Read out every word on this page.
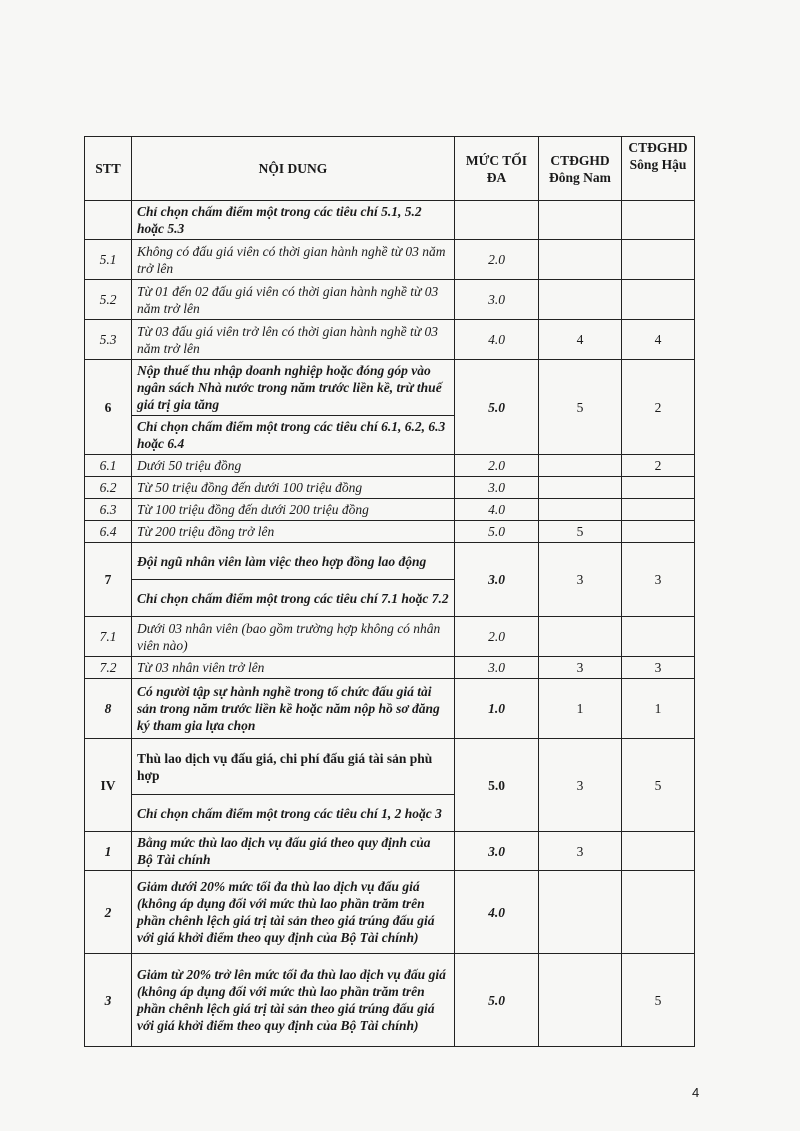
STT	NỘI DUNG	MỨC TỐI ĐA	CTĐGHD Đông Nam	CTĐGHD Sông Hậu
	Chỉ chọn chấm điểm một trong các tiêu chí 5.1, 5.2 hoặc 5.3			
5.1	Không có đấu giá viên có thời gian hành nghề từ 03 năm trở lên	2.0		
5.2	Từ 01 đến 02 đấu giá viên có thời gian hành nghề từ 03 năm trở lên	3.0		
5.3	Từ 03 đấu giá viên trở lên có thời gian hành nghề từ 03 năm trở lên	4.0	4	4
6	Nộp thuế thu nhập doanh nghiệp hoặc đóng góp vào ngân sách Nhà nước trong năm trước liền kề, trừ thuế giá trị gia tăng	5.0	5	2
	Chỉ chọn chấm điểm một trong các tiêu chí 6.1, 6.2, 6.3 hoặc 6.4			
6.1	Dưới 50 triệu đồng	2.0		2
6.2	Từ 50 triệu đồng đến dưới 100 triệu đồng	3.0		
6.3	Từ 100 triệu đồng đến dưới 200 triệu đồng	4.0		
6.4	Từ 200 triệu đồng trở lên	5.0	5	
7	Đội ngũ nhân viên làm việc theo hợp đồng lao động	3.0	3	3
	Chỉ chọn chấm điểm một trong các tiêu chí 7.1 hoặc 7.2			
7.1	Dưới 03 nhân viên (bao gồm trường hợp không có nhân viên nào)	2.0		
7.2	Từ 03 nhân viên trở lên	3.0	3	3
8	Có người tập sự hành nghề trong tổ chức đấu giá tài sản trong năm trước liền kề hoặc năm nộp hồ sơ đăng ký tham gia lựa chọn	1.0	1	1
IV	Thù lao dịch vụ đấu giá, chi phí đấu giá tài sản phù hợp	5.0	3	5
	Chỉ chọn chấm điểm một trong các tiêu chí 1, 2 hoặc 3			
1	Bằng mức thù lao dịch vụ đấu giá theo quy định của Bộ Tài chính	3.0	3	
2	Giảm dưới 20% mức tối đa thù lao dịch vụ đấu giá (không áp dụng đối với mức thù lao phần trăm trên phần chênh lệch giá trị tài sản theo giá trúng đấu giá với giá khởi điểm theo quy định của Bộ Tài chính)	4.0		
3	Giảm từ 20% trở lên mức tối đa thù lao dịch vụ đấu giá (không áp dụng đối với mức thù lao phần trăm trên phần chênh lệch giá trị tài sản theo giá trúng đấu giá với giá khởi điểm theo quy định của Bộ Tài chính)	5.0		5
4
